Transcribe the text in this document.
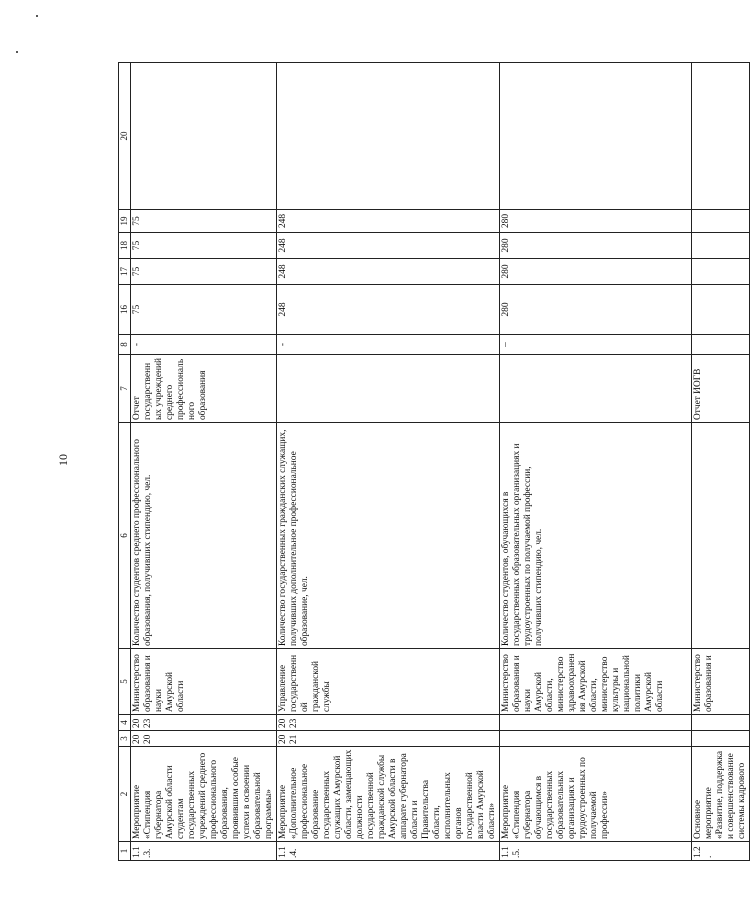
10
1	2	3	4	5	6	7	8	16	17	18	19	20
1.1.3.	Мероприятие «Стипендия губернатора Амурской области студентам государственных учреждений среднего профессионального образования, проявившим особые успехи в освоении образовательной программы»	2020	2023	Министерство образования и науки Амурской области	Количество студентов среднего профессионального образования, получивших стипендию, чел.	Отчет государственных учреждений среднего профессионального образования	-	75	75	75	75	
1.1.4.	Мероприятие «Дополнительное профессиональное образование государственных служащих Амурской области, замещающих должности государственной гражданской службы Амурской области в аппарате губернатора области и Правительства области, исполнительных органов государственной власти Амурской области»	2021	2023	Управление государственной гражданской службы	Количество государственных гражданских служащих, получивших дополнительное профессиональное образование, чел.		-	248	248	248	248	
1.1.5.	Мероприятие «Стипендия губернатора обучающимся в государственных образовательных организациях и трудоустроенных по получаемой профессии»			Министерство образования и науки Амурской области, министерство здравоохранения Амурской области, министерство культуры и национальной политики Амурской области	Количество студентов, обучающихся в государственных образовательных организациях и трудоустроенных по получаемой профессии, получивших стипендию, чел.		–	280	280	280	280	
1.2.	Основное мероприятие «Развитие, поддержка и совершенствование системы кадрового			Министерство образования и		Отчет ИОГВ						
